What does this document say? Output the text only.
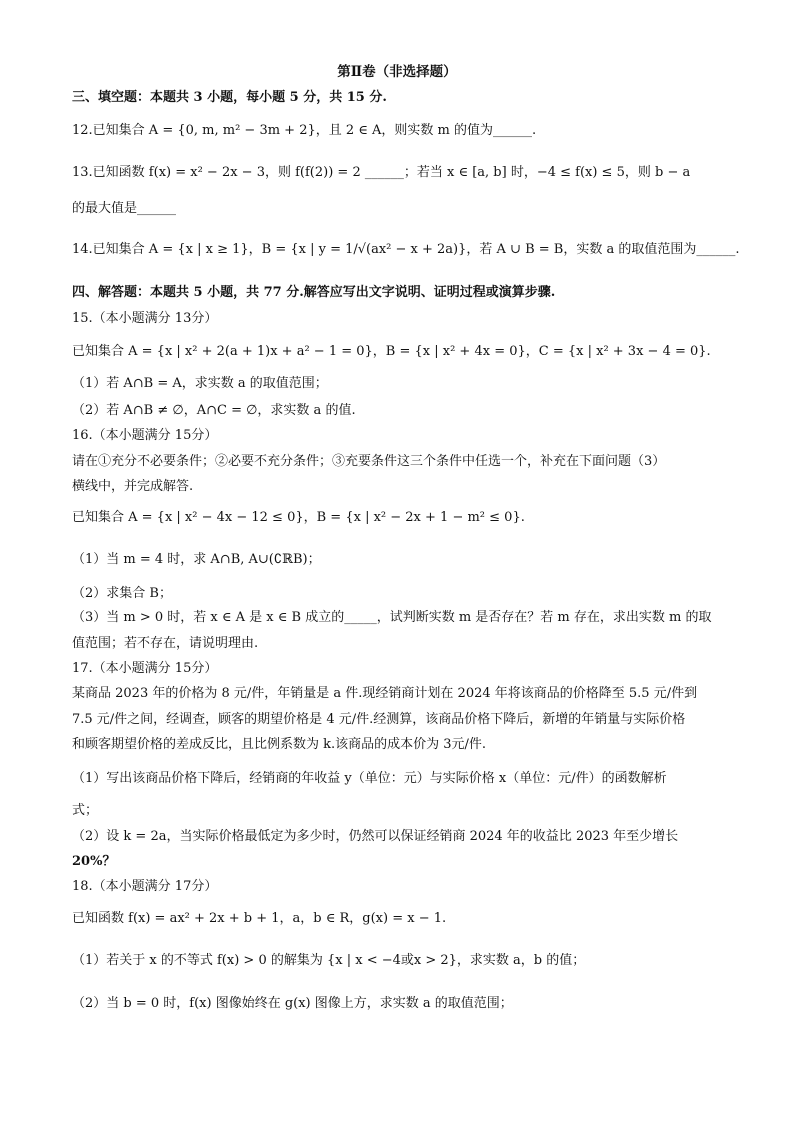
第Ⅱ卷（非选择题）
三、填空题：本题共 3 小题，每小题 5 分，共 15 分.
12.已知集合 A = {0, m, m² − 3m + 2}，且 2 ∈ A，则实数 m 的值为______.
13.已知函数 f(x) = x² − 2x − 3，则 f(f(2)) = 2 ______；若当 x ∈ [a, b] 时，−4 ≤ f(x) ≤ 5，则 b − a
的最大值是______
14.已知集合 A = {x | x ≥ 1}，B = {x | y = 1/√(ax² − x + 2a)}，若 A ∪ B = B，实数 a 的取值范围为______.
四、解答题：本题共 5 小题，共 77 分.解答应写出文字说明、证明过程或演算步骤.
15.（本小题满分 13分）
已知集合 A = {x | x² + 2(a + 1)x + a² − 1 = 0}，B = {x | x² + 4x = 0}，C = {x | x² + 3x − 4 = 0}.
（1）若 A∩B = A，求实数 a 的取值范围；
（2）若 A∩B ≠ ∅，A∩C = ∅，求实数 a 的值.
16.（本小题满分 15分）
请在①充分不必要条件；②必要不充分条件；③充要条件这三个条件中任选一个，补充在下面问题（3）
横线中，并完成解答.
已知集合 A = {x | x² − 4x − 12 ≤ 0}，B = {x | x² − 2x + 1 − m² ≤ 0}.
（1）当 m = 4 时，求 A∩B, A∪(∁ℝB)；
（2）求集合 B；
（3）当 m > 0 时，若 x ∈ A 是 x ∈ B 成立的_____，试判断实数 m 是否存在？若 m 存在，求出实数 m 的取
值范围；若不存在，请说明理由.
17.（本小题满分 15分）
某商品 2023 年的价格为 8 元/件，年销量是 a 件.现经销商计划在 2024 年将该商品的价格降至 5.5 元/件到
7.5 元/件之间，经调查，顾客的期望价格是 4 元/件.经测算，该商品价格下降后，新增的年销量与实际价格
和顾客期望价格的差成反比，且比例系数为 k.该商品的成本价为 3元/件.
（1）写出该商品价格下降后，经销商的年收益 y（单位：元）与实际价格 x（单位：元/件）的函数解析
式；
（2）设 k = 2a，当实际价格最低定为多少时，仍然可以保证经销商 2024 年的收益比 2023 年至少增长
20%？
18.（本小题满分 17分）
已知函数 f(x) = ax² + 2x + b + 1，a，b ∈ R，g(x) = x − 1.
（1）若关于 x 的不等式 f(x) > 0 的解集为 {x | x < −4或x > 2}，求实数 a，b 的值；
（2）当 b = 0 时，f(x) 图像始终在 g(x) 图像上方，求实数 a 的取值范围；
